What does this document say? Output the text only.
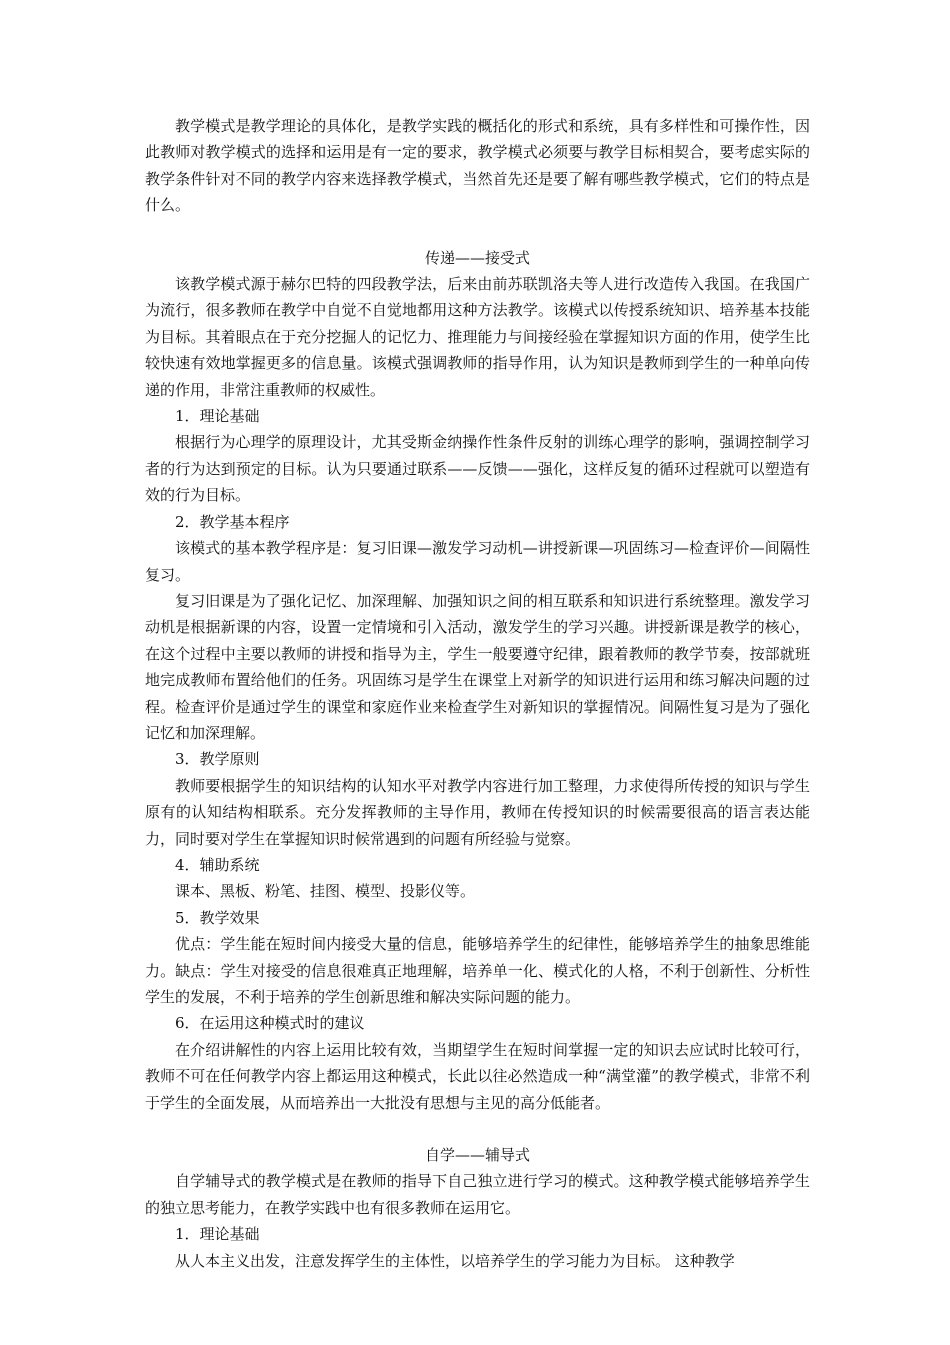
教学模式是教学理论的具体化，是教学实践的概括化的形式和系统，具有多样性和可操作性，因此教师对教学模式的选择和运用是有一定的要求，教学模式必须要与教学目标相契合，要考虑实际的教学条件针对不同的教学内容来选择教学模式，当然首先还是要了解有哪些教学模式，它们的特点是什么。

传递——接受式

该教学模式源于赫尔巴特的四段教学法，后来由前苏联凯洛夫等人进行改造传入我国。在我国广为流行，很多教师在教学中自觉不自觉地都用这种方法教学。该模式以传授系统知识、培养基本技能为目标。其着眼点在于充分挖掘人的记忆力、推理能力与间接经验在掌握知识方面的作用，使学生比较快速有效地掌握更多的信息量。该模式强调教师的指导作用，认为知识是教师到学生的一种单向传递的作用，非常注重教师的权威性。

1．理论基础

根据行为心理学的原理设计，尤其受斯金纳操作性条件反射的训练心理学的影响，强调控制学习者的行为达到预定的目标。认为只要通过联系——反馈——强化，这样反复的循环过程就可以塑造有效的行为目标。

2．教学基本程序

该模式的基本教学程序是：复习旧课—激发学习动机—讲授新课—巩固练习—检查评价—间隔性复习。

复习旧课是为了强化记忆、加深理解、加强知识之间的相互联系和知识进行系统整理。激发学习动机是根据新课的内容，设置一定情境和引入活动，激发学生的学习兴趣。讲授新课是教学的核心，在这个过程中主要以教师的讲授和指导为主，学生一般要遵守纪律，跟着教师的教学节奏，按部就班地完成教师布置给他们的任务。巩固练习是学生在课堂上对新学的知识进行运用和练习解决问题的过程。检查评价是通过学生的课堂和家庭作业来检查学生对新知识的掌握情况。间隔性复习是为了强化记忆和加深理解。

3．教学原则

教师要根据学生的知识结构的认知水平对教学内容进行加工整理，力求使得所传授的知识与学生原有的认知结构相联系。充分发挥教师的主导作用，教师在传授知识的时候需要很高的语言表达能力，同时要对学生在掌握知识时候常遇到的问题有所经验与觉察。

4．辅助系统

课本、黑板、粉笔、挂图、模型、投影仪等。

5．教学效果

优点：学生能在短时间内接受大量的信息，能够培养学生的纪律性，能够培养学生的抽象思维能力。缺点：学生对接受的信息很难真正地理解，培养单一化、模式化的人格，不利于创新性、分析性学生的发展，不利于培养的学生创新思维和解决实际问题的能力。

6．在运用这种模式时的建议

在介绍讲解性的内容上运用比较有效，当期望学生在短时间掌握一定的知识去应试时比较可行，教师不可在任何教学内容上都运用这种模式，长此以往必然造成一种“满堂灌”的教学模式，非常不利于学生的全面发展，从而培养出一大批没有思想与主见的高分低能者。

自学——辅导式

自学辅导式的教学模式是在教师的指导下自己独立进行学习的模式。这种教学模式能够培养学生的独立思考能力，在教学实践中也有很多教师在运用它。

1．理论基础

从人本主义出发，注意发挥学生的主体性，以培养学生的学习能力为目标。 这种教学
